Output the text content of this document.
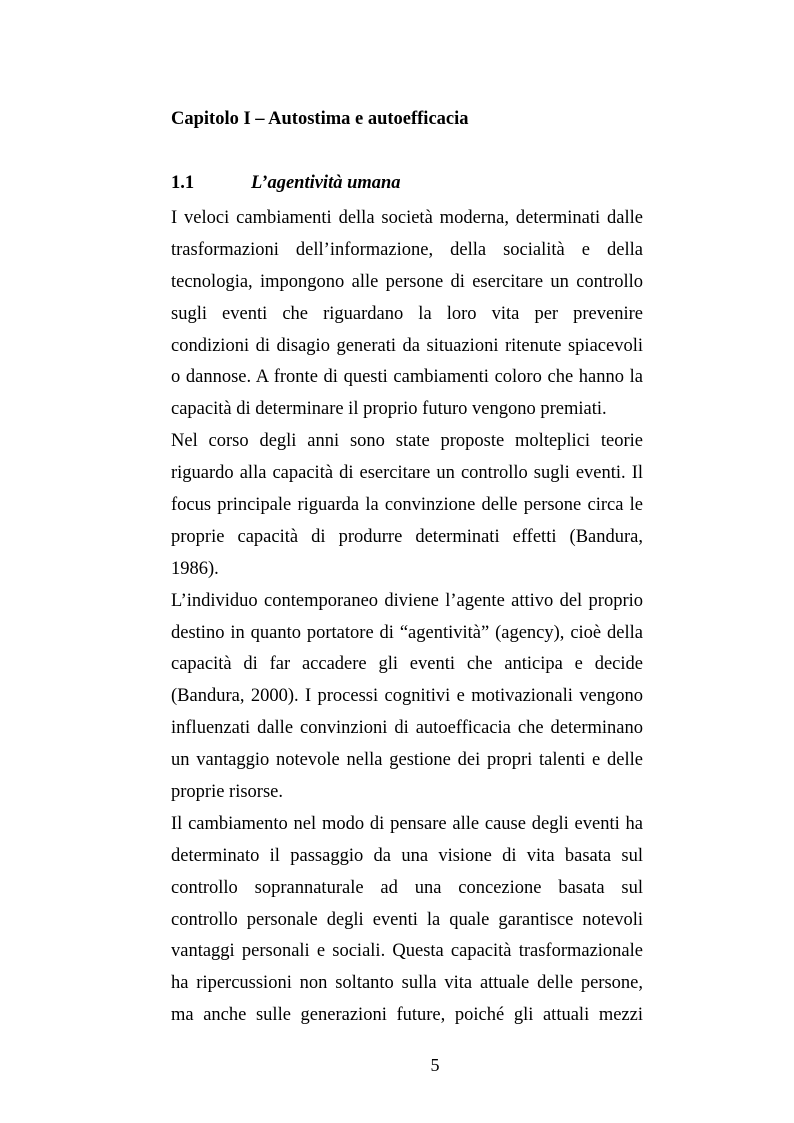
Capitolo I – Autostima e autoefficacia
1.1	L’agentività umana
I veloci cambiamenti della società moderna, determinati dalle
trasformazioni dell’informazione, della socialità e della
tecnologia, impongono alle persone di esercitare un controllo
sugli eventi che riguardano la loro vita per prevenire
condizioni di disagio generati da situazioni ritenute spiacevoli
o dannose. A fronte di questi cambiamenti coloro che hanno la
capacità di determinare il proprio futuro vengono premiati.
Nel corso degli anni sono state proposte molteplici teorie
riguardo alla capacità di esercitare un controllo sugli eventi. Il
focus principale riguarda la convinzione delle persone circa le
proprie capacità di produrre determinati effetti (Bandura,
1986).
L’individuo contemporaneo diviene l’agente attivo del proprio
destino in quanto portatore di “agentività” (agency), cioè della
capacità di far accadere gli eventi che anticipa e decide
(Bandura, 2000). I processi cognitivi e motivazionali vengono
influenzati dalle convinzioni di autoefficacia che determinano
un vantaggio notevole nella gestione dei propri talenti e delle
proprie risorse.
Il cambiamento nel modo di pensare alle cause degli eventi ha
determinato il passaggio da una visione di vita basata sul
controllo soprannaturale ad una concezione basata sul
controllo personale degli eventi la quale garantisce notevoli
vantaggi personali e sociali. Questa capacità trasformazionale
ha ripercussioni non soltanto sulla vita attuale delle persone,
ma anche sulle generazioni future, poiché gli attuali mezzi
5
